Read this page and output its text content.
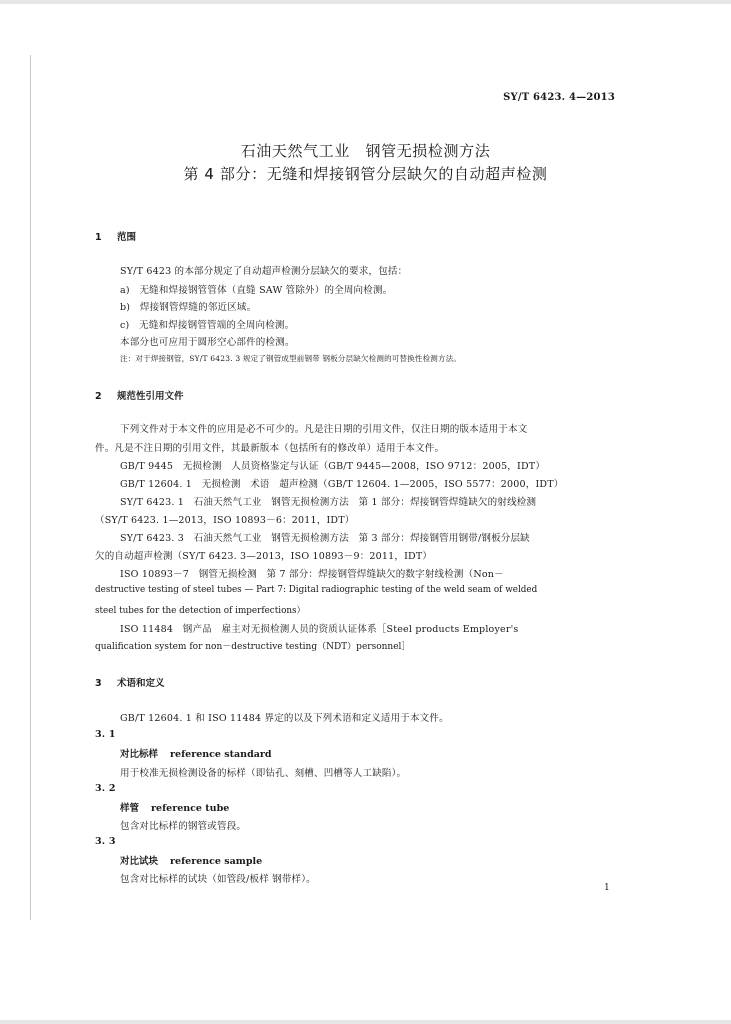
SY/T 6423. 4—2013
石油天然气工业　钢管无损检测方法
第 4 部分：无缝和焊接钢管分层缺欠的自动超声检测
1 范围
SY/T 6423 的本部分规定了自动超声检测分层缺欠的要求，包括：
a)　无缝和焊接钢管管体（直缝 SAW 管除外）的全周向检测。
b)　焊接钢管焊缝的邻近区域。
c)　无缝和焊接钢管管端的全周向检测。
本部分也可应用于圆形空心部件的检测。
注：对于焊接钢管，SY/T 6423. 3 规定了钢管成型前钢带 钢板分层缺欠检测的可替换性检测方法。
2 规范性引用文件
下列文件对于本文件的应用是必不可少的。凡是注日期的引用文件，仅注日期的版本适用于本文
件。凡是不注日期的引用文件，其最新版本（包括所有的修改单）适用于本文件。
GB/T 9445　无损检测　人员资格鉴定与认证（GB/T 9445—2008，ISO 9712：2005，IDT）
GB/T 12604. 1　无损检测　术语　超声检测（GB/T 12604. 1—2005，ISO 5577：2000，IDT）
SY/T 6423. 1　石油天然气工业　钢管无损检测方法　第 1 部分：焊接钢管焊缝缺欠的射线检测
（SY/T 6423. 1—2013，ISO 10893－6：2011，IDT）
SY/T 6423. 3　石油天然气工业　钢管无损检测方法　第 3 部分：焊接钢管用钢带/钢板分层缺
欠的自动超声检测（SY/T 6423. 3—2013，ISO 10893－9：2011，IDT）
ISO 10893－7　钢管无损检测　第 7 部分：焊接钢管焊缝缺欠的数字射线检测（Non－
destructive testing of steel tubes — Part 7: Digital radiographic testing of the weld seam of welded
steel tubes for the detection of imperfections）
ISO 11484　钢产品　雇主对无损检测人员的资质认证体系［Steel products Employer's
qualification system for non－destructive testing（NDT）personnel］
3 术语和定义
GB/T 12604. 1 和 ISO 11484 界定的以及下列术语和定义适用于本文件。
3. 1
对比标样 reference standard
用于校准无损检测设备的标样（即钻孔、刻槽、凹槽等人工缺陷）。
3. 2
样管 reference tube
包含对比标样的钢管或管段。
3. 3
对比试块 reference sample
包含对比标样的试块（如管段/板样 钢带样）。
1
